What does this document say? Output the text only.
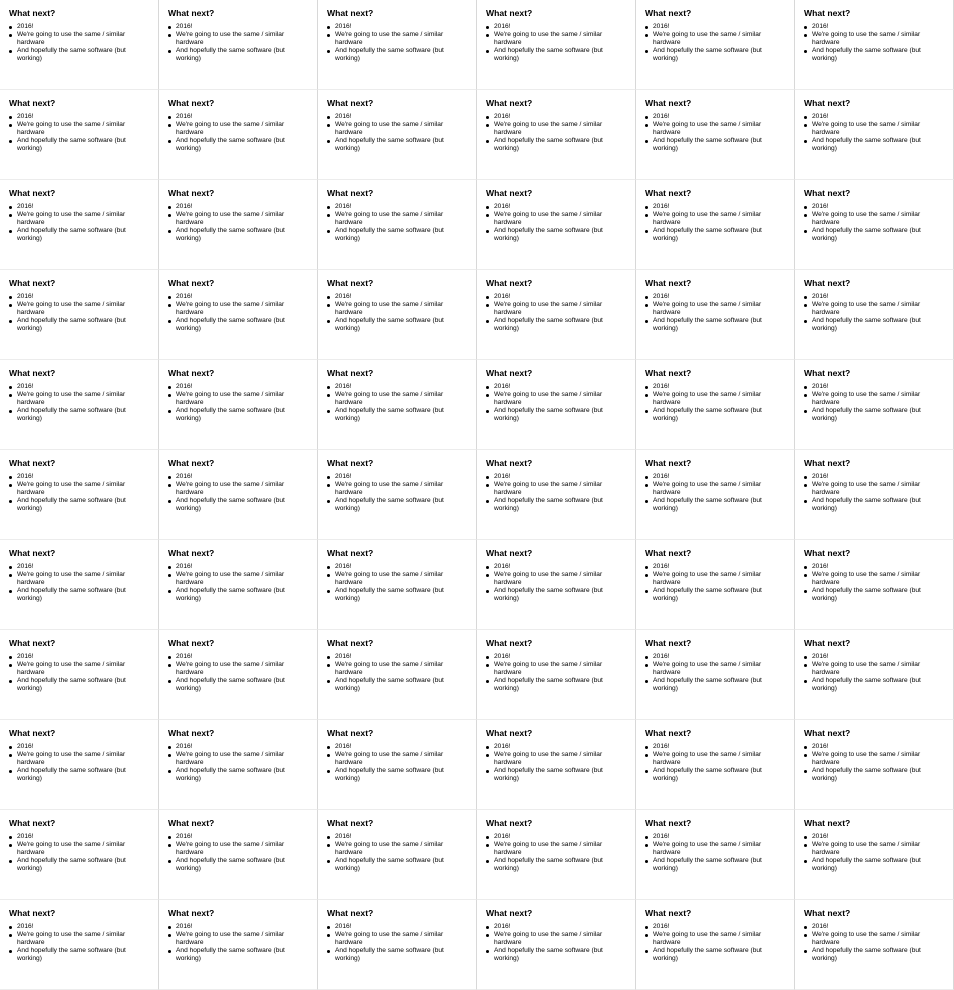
What next?
2016!
We're going to use the same / similar hardware
And hopefully the same software (but working)
What next?
2016!
We're going to use the same / similar hardware
And hopefully the same software (but working)
What next?
2016!
We're going to use the same / similar hardware
And hopefully the same software (but working)
What next?
2016!
We're going to use the same / similar hardware
And hopefully the same software (but working)
What next?
2016!
We're going to use the same / similar hardware
And hopefully the same software (but working)
What next?
2016!
We're going to use the same / similar hardware
And hopefully the same software (but working)
What next?
2016!
We're going to use the same / similar hardware
And hopefully the same software (but working)
What next?
2016!
We're going to use the same / similar hardware
And hopefully the same software (but working)
What next?
2016!
We're going to use the same / similar hardware
And hopefully the same software (but working)
What next?
2016!
We're going to use the same / similar hardware
And hopefully the same software (but working)
What next?
2016!
We're going to use the same / similar hardware
And hopefully the same software (but working)
What next?
2016!
We're going to use the same / similar hardware
And hopefully the same software (but working)
What next?
2016!
We're going to use the same / similar hardware
And hopefully the same software (but working)
What next?
2016!
We're going to use the same / similar hardware
And hopefully the same software (but working)
What next?
2016!
We're going to use the same / similar hardware
And hopefully the same software (but working)
What next?
2016!
We're going to use the same / similar hardware
And hopefully the same software (but working)
What next?
2016!
We're going to use the same / similar hardware
And hopefully the same software (but working)
What next?
2016!
We're going to use the same / similar hardware
And hopefully the same software (but working)
What next?
2016!
We're going to use the same / similar hardware
And hopefully the same software (but working)
What next?
2016!
We're going to use the same / similar hardware
And hopefully the same software (but working)
What next?
2016!
We're going to use the same / similar hardware
And hopefully the same software (but working)
What next?
2016!
We're going to use the same / similar hardware
And hopefully the same software (but working)
What next?
2016!
We're going to use the same / similar hardware
And hopefully the same software (but working)
What next?
2016!
We're going to use the same / similar hardware
And hopefully the same software (but working)
What next?
2016!
We're going to use the same / similar hardware
And hopefully the same software (but working)
What next?
2016!
We're going to use the same / similar hardware
And hopefully the same software (but working)
What next?
2016!
We're going to use the same / similar hardware
And hopefully the same software (but working)
What next?
2016!
We're going to use the same / similar hardware
And hopefully the same software (but working)
What next?
2016!
We're going to use the same / similar hardware
And hopefully the same software (but working)
What next?
2016!
We're going to use the same / similar hardware
And hopefully the same software (but working)
What next?
2016!
We're going to use the same / similar hardware
And hopefully the same software (but working)
What next?
2016!
We're going to use the same / similar hardware
And hopefully the same software (but working)
What next?
2016!
We're going to use the same / similar hardware
And hopefully the same software (but working)
What next?
2016!
We're going to use the same / similar hardware
And hopefully the same software (but working)
What next?
2016!
We're going to use the same / similar hardware
And hopefully the same software (but working)
What next?
2016!
We're going to use the same / similar hardware
And hopefully the same software (but working)
What next?
2016!
We're going to use the same / similar hardware
And hopefully the same software (but working)
What next?
2016!
We're going to use the same / similar hardware
And hopefully the same software (but working)
What next?
2016!
We're going to use the same / similar hardware
And hopefully the same software (but working)
What next?
2016!
We're going to use the same / similar hardware
And hopefully the same software (but working)
What next?
2016!
We're going to use the same / similar hardware
And hopefully the same software (but working)
What next?
2016!
We're going to use the same / similar hardware
And hopefully the same software (but working)
What next?
2016!
We're going to use the same / similar hardware
And hopefully the same software (but working)
What next?
2016!
We're going to use the same / similar hardware
And hopefully the same software (but working)
What next?
2016!
We're going to use the same / similar hardware
And hopefully the same software (but working)
What next?
2016!
We're going to use the same / similar hardware
And hopefully the same software (but working)
What next?
2016!
We're going to use the same / similar hardware
And hopefully the same software (but working)
What next?
2016!
We're going to use the same / similar hardware
And hopefully the same software (but working)
What next?
2016!
We're going to use the same / similar hardware
And hopefully the same software (but working)
What next?
2016!
We're going to use the same / similar hardware
And hopefully the same software (but working)
What next?
2016!
We're going to use the same / similar hardware
And hopefully the same software (but working)
What next?
2016!
We're going to use the same / similar hardware
And hopefully the same software (but working)
What next?
2016!
We're going to use the same / similar hardware
And hopefully the same software (but working)
What next?
2016!
We're going to use the same / similar hardware
And hopefully the same software (but working)
What next?
2016!
We're going to use the same / similar hardware
And hopefully the same software (but working)
What next?
2016!
We're going to use the same / similar hardware
And hopefully the same software (but working)
What next?
2016!
We're going to use the same / similar hardware
And hopefully the same software (but working)
What next?
2016!
We're going to use the same / similar hardware
And hopefully the same software (but working)
What next?
2016!
We're going to use the same / similar hardware
And hopefully the same software (but working)
What next?
2016!
We're going to use the same / similar hardware
And hopefully the same software (but working)
What next?
2016!
We're going to use the same / similar hardware
And hopefully the same software (but working)
What next?
2016!
We're going to use the same / similar hardware
And hopefully the same software (but working)
What next?
2016!
We're going to use the same / similar hardware
And hopefully the same software (but working)
What next?
2016!
We're going to use the same / similar hardware
And hopefully the same software (but working)
What next?
2016!
We're going to use the same / similar hardware
And hopefully the same software (but working)
What next?
2016!
We're going to use the same / similar hardware
And hopefully the same software (but working)
